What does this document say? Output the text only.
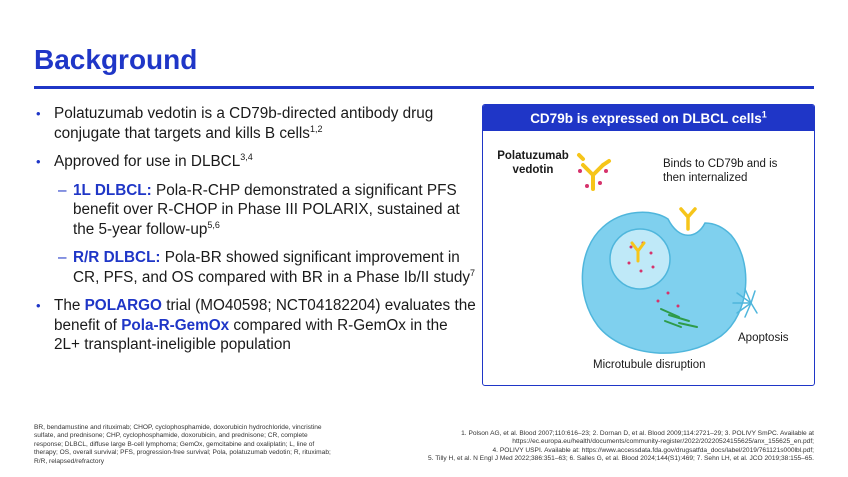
Background
• Polatuzumab vedotin is a CD79b-directed antibody drug conjugate that targets and kills B cells$^{1,2}$
• Approved for use in DLBCL$^{3,4}$
– 1L DLBCL: Pola-R-CHP demonstrated a significant PFS benefit over R-CHOP in Phase III POLARIX, sustained at the 5-year follow-up$^{5,6}$
– R/R DLBCL: Pola-BR showed significant improvement in CR, PFS, and OS compared with BR in a Phase Ib/II study$^7$
• The POLARGO trial (MO40598; NCT04182204) evaluates the benefit of Pola-R-GemOx compared with R-GemOx in the 2L+ transplant-ineligible population
CD79b is expressed on DLBCL cells$^1$
Polatuzumab
vedotin	Binds to CD79b and is
then internalized
Apoptosis
Microtubule disruption
BR, bendamustine and rituximab; CHOP, cyclophosphamide, doxorubicin hydrochloride, vincristine sulfate, and prednisone; CHP, cyclophosphamide, doxorubicin, and prednisone; CR, complete response; DLBCL, diffuse large B-cell lymphoma; GemOx, gemcitabine and oxaliplatin; L, line of therapy; OS, overall survival; PFS, progression-free survival; Pola, polatuzumab vedotin; R, rituximab; R/R, relapsed/refractory
1. Polson AG, et al. Blood 2007;110:616–23; 2. Dornan D, et al. Blood 2009;114:2721–29; 3. POLIVY SmPC. Available at
https://ec.europa.eu/health/documents/community-register/2022/20220524155625/anx_155625_en.pdf;
4. POLIVY USPI. Available at: https://www.accessdata.fda.gov/drugsatfda_docs/label/2019/761121s000lbl.pdf;
5. Tilly H, et al. N Engl J Med 2022;386:351–63; 6. Salles G, et al. Blood 2024;144(S1):469; 7. Sehn LH, et al. JCO 2019;38:155–65.
